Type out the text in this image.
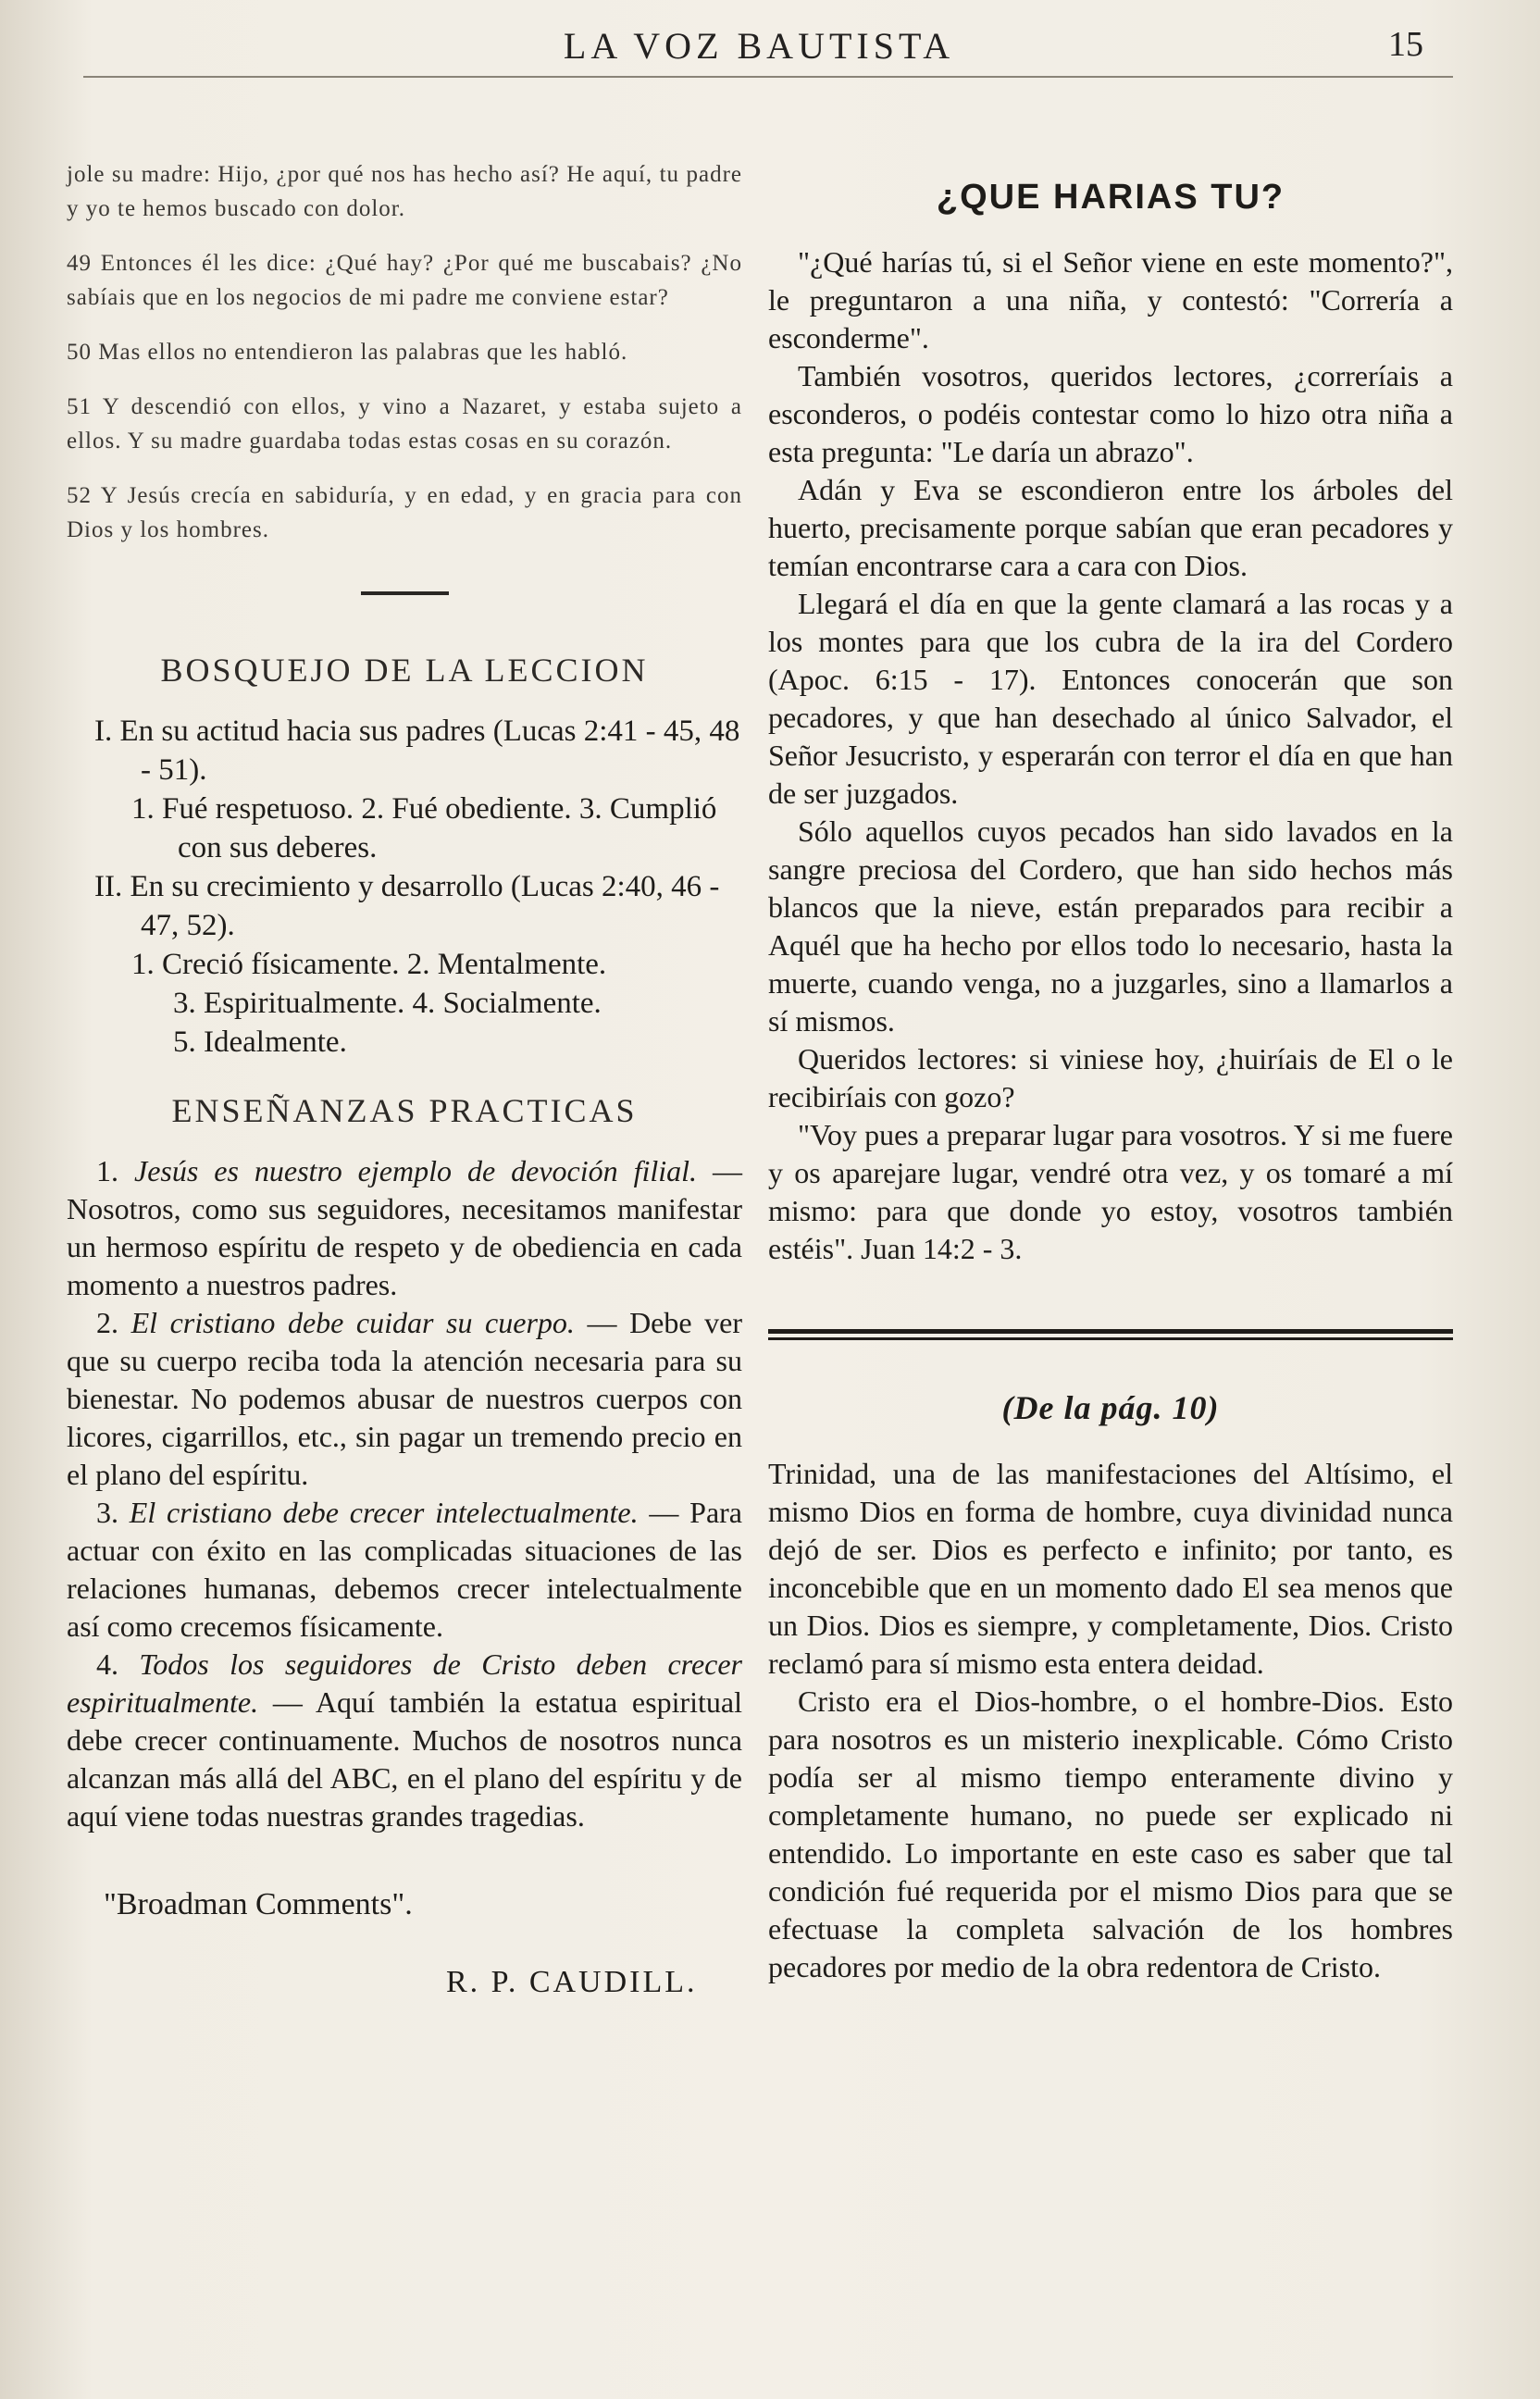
LA VOZ BAUTISTA	15

jole su madre: Hijo, ¿por qué nos has hecho así? He aquí, tu padre y yo te hemos buscado con dolor.

49 Entonces él les dice: ¿Qué hay? ¿Por qué me buscabais? ¿No sabíais que en los negocios de mi padre me conviene estar?

50 Mas ellos no entendieron las palabras que les habló.

51 Y descendió con ellos, y vino a Nazaret, y estaba sujeto a ellos. Y su madre guardaba todas estas cosas en su corazón.

52 Y Jesús crecía en sabiduría, y en edad, y en gracia para con Dios y los hombres.

BOSQUEJO DE LA LECCION

I. En su actitud hacia sus padres (Lucas 2:41 - 45, 48 - 51).

1. Fué respetuoso. 2. Fué obediente. 3. Cumplió con sus deberes.

II. En su crecimiento y desarrollo (Lucas 2:40, 46 - 47, 52).

1. Creció físicamente. 2. Mentalmente.

3. Espiritualmente. 4. Socialmente.

5. Idealmente.

ENSEÑANZAS PRACTICAS

1. Jesús es nuestro ejemplo de devoción filial. — Nosotros, como sus seguidores, necesitamos manifestar un hermoso espíritu de respeto y de obediencia en cada momento a nuestros padres.

2. El cristiano debe cuidar su cuerpo. — Debe ver que su cuerpo reciba toda la atención necesaria para su bienestar. No podemos abusar de nuestros cuerpos con licores, cigarrillos, etc., sin pagar un tremendo precio en el plano del espíritu.

3. El cristiano debe crecer intelectualmente. — Para actuar con éxito en las complicadas situaciones de las relaciones humanas, debemos crecer intelectualmente así como crecemos físicamente.

4. Todos los seguidores de Cristo deben crecer espiritualmente. — Aquí también la estatua espiritual debe crecer continuamente. Muchos de nosotros nunca alcanzan más allá del ABC, en el plano del espíritu y de aquí viene todas nuestras grandes tragedias.

"Broadman Comments".
R. P. CAUDILL.
¿QUE HARIAS TU?

"¿Qué harías tú, si el Señor viene en este momento?", le preguntaron a una niña, y contestó: "Correría a esconderme".

También vosotros, queridos lectores, ¿correríais a esconderos, o podéis contestar como lo hizo otra niña a esta pregunta: "Le daría un abrazo".

Adán y Eva se escondieron entre los árboles del huerto, precisamente porque sabían que eran pecadores y temían encontrarse cara a cara con Dios.

Llegará el día en que la gente clamará a las rocas y a los montes para que los cubra de la ira del Cordero (Apoc. 6:15 - 17). Entonces conocerán que son pecadores, y que han desechado al único Salvador, el Señor Jesucristo, y esperarán con terror el día en que han de ser juzgados.

Sólo aquellos cuyos pecados han sido lavados en la sangre preciosa del Cordero, que han sido hechos más blancos que la nieve, están preparados para recibir a Aquél que ha hecho por ellos todo lo necesario, hasta la muerte, cuando venga, no a juzgarles, sino a llamarlos a sí mismos.

Queridos lectores: si viniese hoy, ¿huiríais de El o le recibiríais con gozo?

"Voy pues a preparar lugar para vosotros. Y si me fuere y os aparejare lugar, vendré otra vez, y os tomaré a mí mismo: para que donde yo estoy, vosotros también estéis". Juan 14:2 - 3.

(De la pág. 10)

Trinidad, una de las manifestaciones del Altísimo, el mismo Dios en forma de hombre, cuya divinidad nunca dejó de ser. Dios es perfecto e infinito; por tanto, es inconcebible que en un momento dado El sea menos que un Dios. Dios es siempre, y completamente, Dios. Cristo reclamó para sí mismo esta entera deidad.

Cristo era el Dios-hombre, o el hombre-Dios. Esto para nosotros es un misterio inexplicable. Cómo Cristo podía ser al mismo tiempo enteramente divino y completamente humano, no puede ser explicado ni entendido. Lo importante en este caso es saber que tal condición fué requerida por el mismo Dios para que se efectuase la completa salvación de los hombres pecadores por medio de la obra redentora de Cristo.
